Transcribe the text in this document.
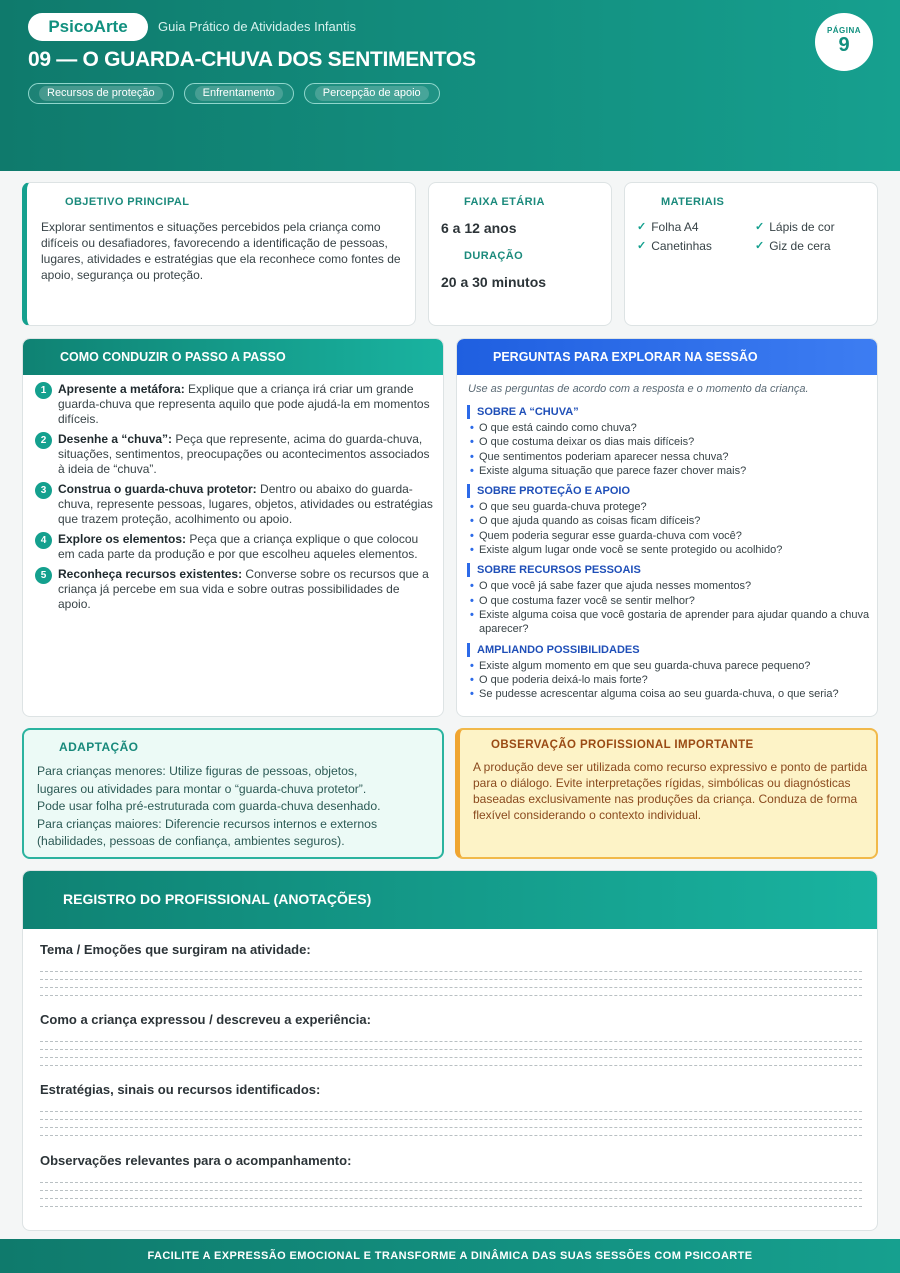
PsicoArte	Guia Prático de Atividades Infantis
09 — O GUARDA-CHUVA DOS SENTIMENTOS
Recursos de proteção	Enfrentamento	Percepção de apoio
PÁGINA
9
OBJETIVO PRINCIPAL

Explorar sentimentos e situações percebidos pela criança como difíceis ou desafiadores, favorecendo a identificação de pessoas, lugares, atividades e estratégias que ela reconhece como fontes de apoio, segurança ou proteção.

FAIXA ETÁRIA
6 a 12 anos
DURAÇÃO
20 a 30 minutos
MATERIAIS
✓ Folha A4	✓ Lápis de cor
✓ Canetinhas	✓ Giz de cera
COMO CONDUZIR O PASSO A PASSO
1 Apresente a metáfora: Explique que a criança irá criar um grande guarda-chuva que representa aquilo que pode ajudá-la em momentos difíceis.
2 Desenhe a “chuva”: Peça que represente, acima do guarda-chuva, situações, sentimentos, preocupações ou acontecimentos associados à ideia de “chuva”.
3 Construa o guarda-chuva protetor: Dentro ou abaixo do guarda-chuva, represente pessoas, lugares, objetos, atividades ou estratégias que trazem proteção, acolhimento ou apoio.
4 Explore os elementos: Peça que a criança explique o que colocou em cada parte da produção e por que escolheu aqueles elementos.
5 Reconheça recursos existentes: Converse sobre os recursos que a criança já percebe em sua vida e sobre outras possibilidades de apoio.
PERGUNTAS PARA EXPLORAR NA SESSÃO
Use as perguntas de acordo com a resposta e o momento da criança.
SOBRE A “CHUVA”
• O que está caindo como chuva?
• O que costuma deixar os dias mais difíceis?
• Que sentimentos poderiam aparecer nessa chuva?
• Existe alguma situação que parece fazer chover mais?
SOBRE PROTEÇÃO E APOIO
• O que seu guarda-chuva protege?
• O que ajuda quando as coisas ficam difíceis?
• Quem poderia segurar esse guarda-chuva com você?
• Existe algum lugar onde você se sente protegido ou acolhido?
SOBRE RECURSOS PESSOAIS
• O que você já sabe fazer que ajuda nesses momentos?
• O que costuma fazer você se sentir melhor?
• Existe alguma coisa que você gostaria de aprender para ajudar quando a chuva aparecer?
AMPLIANDO POSSIBILIDADES
• Existe algum momento em que seu guarda-chuva parece pequeno?
• O que poderia deixá-lo mais forte?
• Se pudesse acrescentar alguma coisa ao seu guarda-chuva, o que seria?
ADAPTAÇÃO
Para crianças menores: Utilize figuras de pessoas, objetos,
lugares ou atividades para montar o “guarda-chuva protetor”.
Pode usar folha pré-estruturada com guarda-chuva desenhado.
Para crianças maiores: Diferencie recursos internos e externos
(habilidades, pessoas de confiança, ambientes seguros).
OBSERVAÇÃO PROFISSIONAL IMPORTANTE

A produção deve ser utilizada como recurso expressivo e ponto de partida para o diálogo. Evite interpretações rígidas, simbólicas ou diagnósticas baseadas exclusivamente nas produções da criança. Conduza de forma flexível considerando o contexto individual.

REGISTRO DO PROFISSIONAL (ANOTAÇÕES)
Tema / Emoções que surgiram na atividade:
Como a criança expressou / descreveu a experiência:
Estratégias, sinais ou recursos identificados:
Observações relevantes para o acompanhamento:
FACILITE A EXPRESSÃO EMOCIONAL E TRANSFORME A DINÂMICA DAS SUAS SESSÕES COM PSICOARTE
